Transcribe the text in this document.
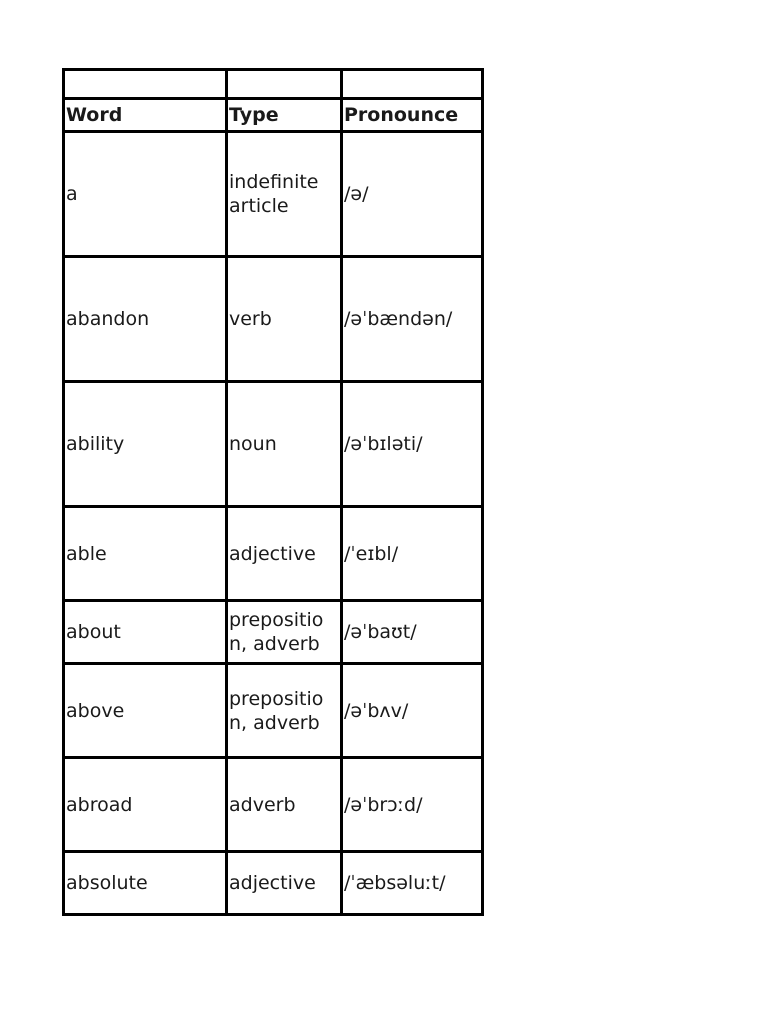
Word	Type	Pronounce
a	indefinite article	/ə/
abandon	verb	/əˈbændən/
ability	noun	/əˈbɪləti/
able	adjective	/ˈeɪbl/
about	preposition, adverb	/əˈbaʊt/
above	preposition, adverb	/əˈbʌv/
abroad	adverb	/əˈbrɔːd/
absolute	adjective	/ˈæbsəluːt/
